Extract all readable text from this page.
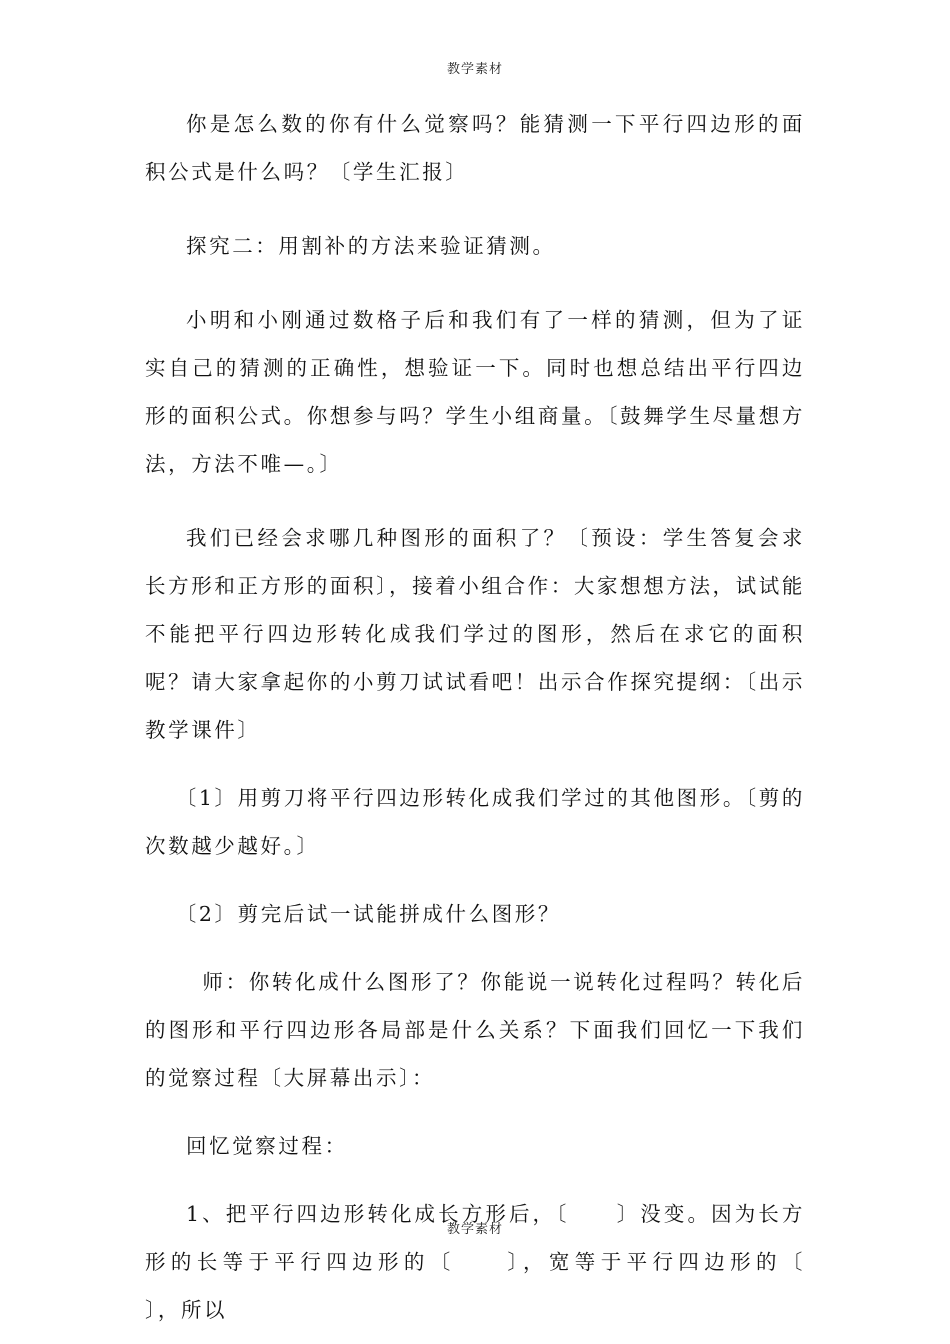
教学素材

你是怎么数的你有什么觉察吗？能猜测一下平行四边形的面积公式是什么吗？〔学生汇报〕

探究二：用割补的方法来验证猜测。

小明和小刚通过数格子后和我们有了一样的猜测，但为了证实自己的猜测的正确性，想验证一下。同时也想总结出平行四边形的面积公式。你想参与吗？学生小组商量。〔鼓舞学生尽量想方法，方法不唯—。〕

我们已经会求哪几种图形的面积了？〔预设：学生答复会求长方形和正方形的面积〕，接着小组合作：大家想想方法，试试能不能把平行四边形转化成我们学过的图形，然后在求它的面积呢？请大家拿起你的小剪刀试试看吧！出示合作探究提纲：〔出示教学课件〕

〔1〕用剪刀将平行四边形转化成我们学过的其他图形。〔剪的次数越少越好。〕

〔2〕剪完后试一试能拼成什么图形？

师：你转化成什么图形了？你能说一说转化过程吗？转化后的图形和平行四边形各局部是什么关系？下面我们回忆一下我们的觉察过程〔大屏幕出示〕：

回忆觉察过程：

1、把平行四边形转化成长方形后，〔　　〕没变。因为长方形的长等于平行四边形的〔　　〕，宽等于平行四边形的〔　　　〕，所以

教学素材
